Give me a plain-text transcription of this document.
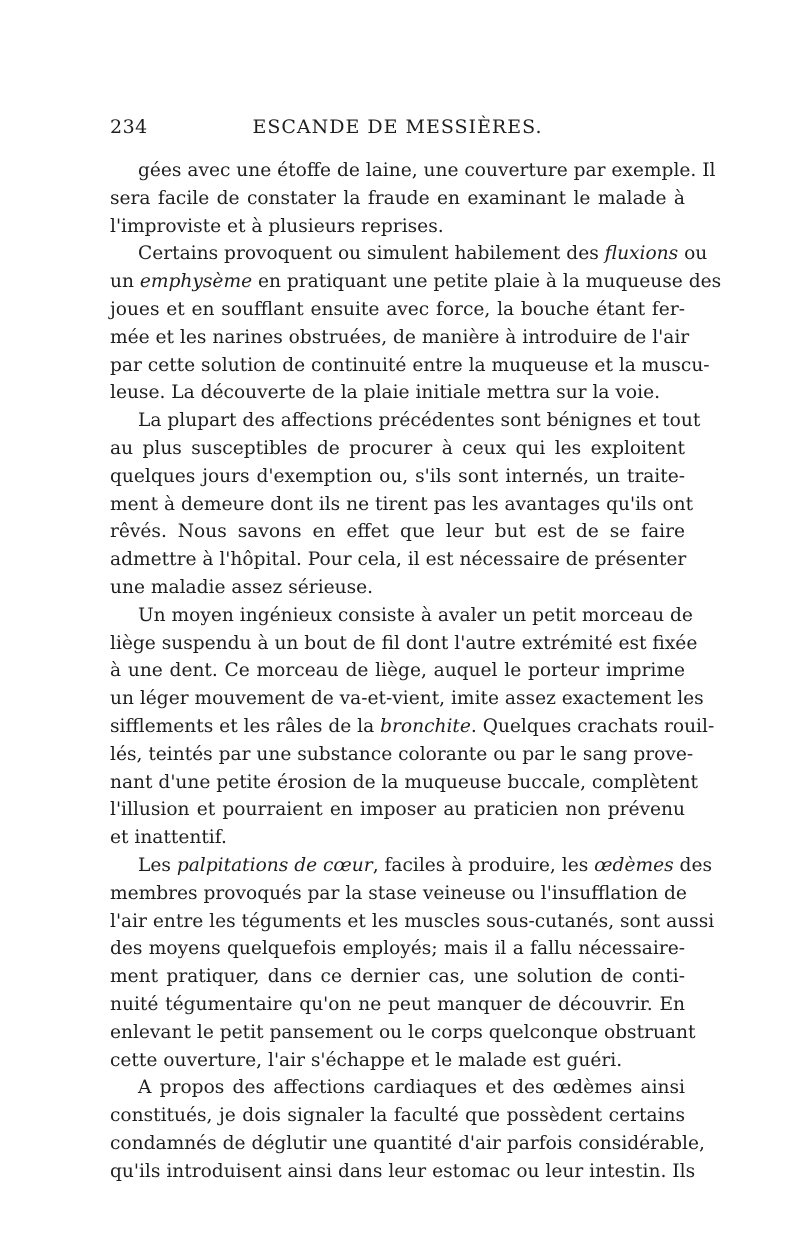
234	ESCANDE DE MESSIÈRES.
gées avec une étoffe de laine, une couverture par exemple. Il
sera facile de constater la fraude en examinant le malade à
l'improviste et à plusieurs reprises.
Certains provoquent ou simulent habilement des fluxions ou
un emphysème en pratiquant une petite plaie à la muqueuse des
joues et en soufflant ensuite avec force, la bouche étant fer-
mée et les narines obstruées, de manière à introduire de l'air
par cette solution de continuité entre la muqueuse et la muscu-
leuse. La découverte de la plaie initiale mettra sur la voie.
La plupart des affections précédentes sont bénignes et tout
au plus susceptibles de procurer à ceux qui les exploitent
quelques jours d'exemption ou, s'ils sont internés, un traite-
ment à demeure dont ils ne tirent pas les avantages qu'ils ont
rêvés. Nous savons en effet que leur but est de se faire
admettre à l'hôpital. Pour cela, il est nécessaire de présenter
une maladie assez sérieuse.
Un moyen ingénieux consiste à avaler un petit morceau de
liège suspendu à un bout de fil dont l'autre extrémité est fixée
à une dent. Ce morceau de liège, auquel le porteur imprime
un léger mouvement de va-et-vient, imite assez exactement les
sifflements et les râles de la bronchite. Quelques crachats rouil-
lés, teintés par une substance colorante ou par le sang prove-
nant d'une petite érosion de la muqueuse buccale, complètent
l'illusion et pourraient en imposer au praticien non prévenu
et inattentif.
Les palpitations de cœur, faciles à produire, les œdèmes des
membres provoqués par la stase veineuse ou l'insufflation de
l'air entre les téguments et les muscles sous-cutanés, sont aussi
des moyens quelquefois employés; mais il a fallu nécessaire-
ment pratiquer, dans ce dernier cas, une solution de conti-
nuité tégumentaire qu'on ne peut manquer de découvrir. En
enlevant le petit pansement ou le corps quelconque obstruant
cette ouverture, l'air s'échappe et le malade est guéri.
A propos des affections cardiaques et des œdèmes ainsi
constitués, je dois signaler la faculté que possèdent certains
condamnés de déglutir une quantité d'air parfois considérable,
qu'ils introduisent ainsi dans leur estomac ou leur intestin. Ils
